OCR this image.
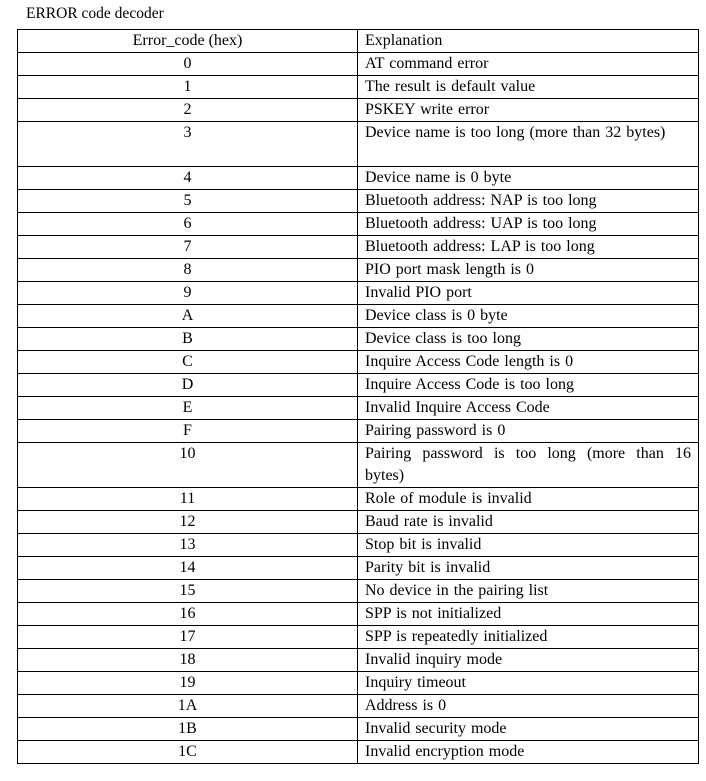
ERROR code decoder
Error_code (hex)	Explanation
0	AT command error
1	The result is default value
2	PSKEY write error
3	Device name is too long (more than 32 bytes)
4	Device name is 0 byte
5	Bluetooth address: NAP is too long
6	Bluetooth address: UAP is too long
7	Bluetooth address: LAP is too long
8	PIO port mask length is 0
9	Invalid PIO port
A	Device class is 0 byte
B	Device class is too long
C	Inquire Access Code length is 0
D	Inquire Access Code is too long
E	Invalid Inquire Access Code
F	Pairing password is 0
10	Pairing password is too long (more than 16 bytes)
11	Role of module is invalid
12	Baud rate is invalid
13	Stop bit is invalid
14	Parity bit is invalid
15	No device in the pairing list
16	SPP is not initialized
17	SPP is repeatedly initialized
18	Invalid inquiry mode
19	Inquiry timeout
1A	Address is 0
1B	Invalid security mode
1C	Invalid encryption mode
